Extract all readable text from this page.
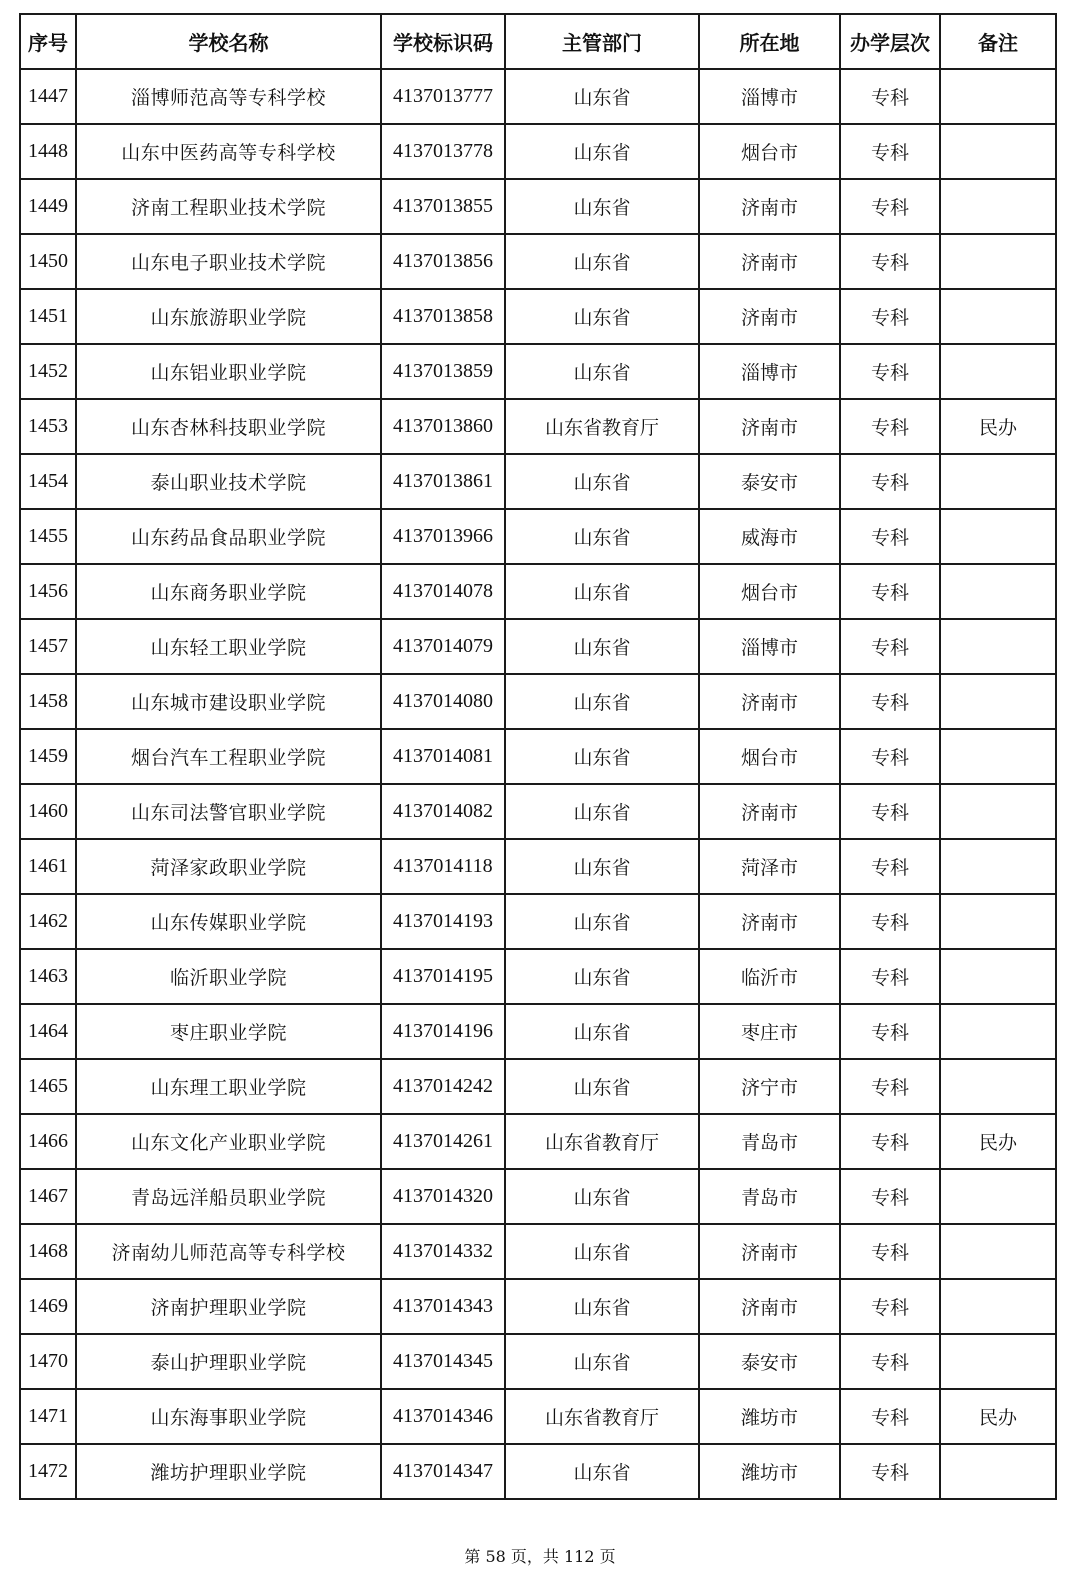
序号	学校名称	学校标识码	主管部门	所在地	办学层次	备注
1447	淄博师范高等专科学校	4137013777	山东省	淄博市	专科	
1448	山东中医药高等专科学校	4137013778	山东省	烟台市	专科	
1449	济南工程职业技术学院	4137013855	山东省	济南市	专科	
1450	山东电子职业技术学院	4137013856	山东省	济南市	专科	
1451	山东旅游职业学院	4137013858	山东省	济南市	专科	
1452	山东铝业职业学院	4137013859	山东省	淄博市	专科	
1453	山东杏林科技职业学院	4137013860	山东省教育厅	济南市	专科	民办
1454	泰山职业技术学院	4137013861	山东省	泰安市	专科	
1455	山东药品食品职业学院	4137013966	山东省	威海市	专科	
1456	山东商务职业学院	4137014078	山东省	烟台市	专科	
1457	山东轻工职业学院	4137014079	山东省	淄博市	专科	
1458	山东城市建设职业学院	4137014080	山东省	济南市	专科	
1459	烟台汽车工程职业学院	4137014081	山东省	烟台市	专科	
1460	山东司法警官职业学院	4137014082	山东省	济南市	专科	
1461	菏泽家政职业学院	4137014118	山东省	菏泽市	专科	
1462	山东传媒职业学院	4137014193	山东省	济南市	专科	
1463	临沂职业学院	4137014195	山东省	临沂市	专科	
1464	枣庄职业学院	4137014196	山东省	枣庄市	专科	
1465	山东理工职业学院	4137014242	山东省	济宁市	专科	
1466	山东文化产业职业学院	4137014261	山东省教育厅	青岛市	专科	民办
1467	青岛远洋船员职业学院	4137014320	山东省	青岛市	专科	
1468	济南幼儿师范高等专科学校	4137014332	山东省	济南市	专科	
1469	济南护理职业学院	4137014343	山东省	济南市	专科	
1470	泰山护理职业学院	4137014345	山东省	泰安市	专科	
1471	山东海事职业学院	4137014346	山东省教育厅	潍坊市	专科	民办
1472	潍坊护理职业学院	4137014347	山东省	潍坊市	专科	
第 58 页，共 112 页
